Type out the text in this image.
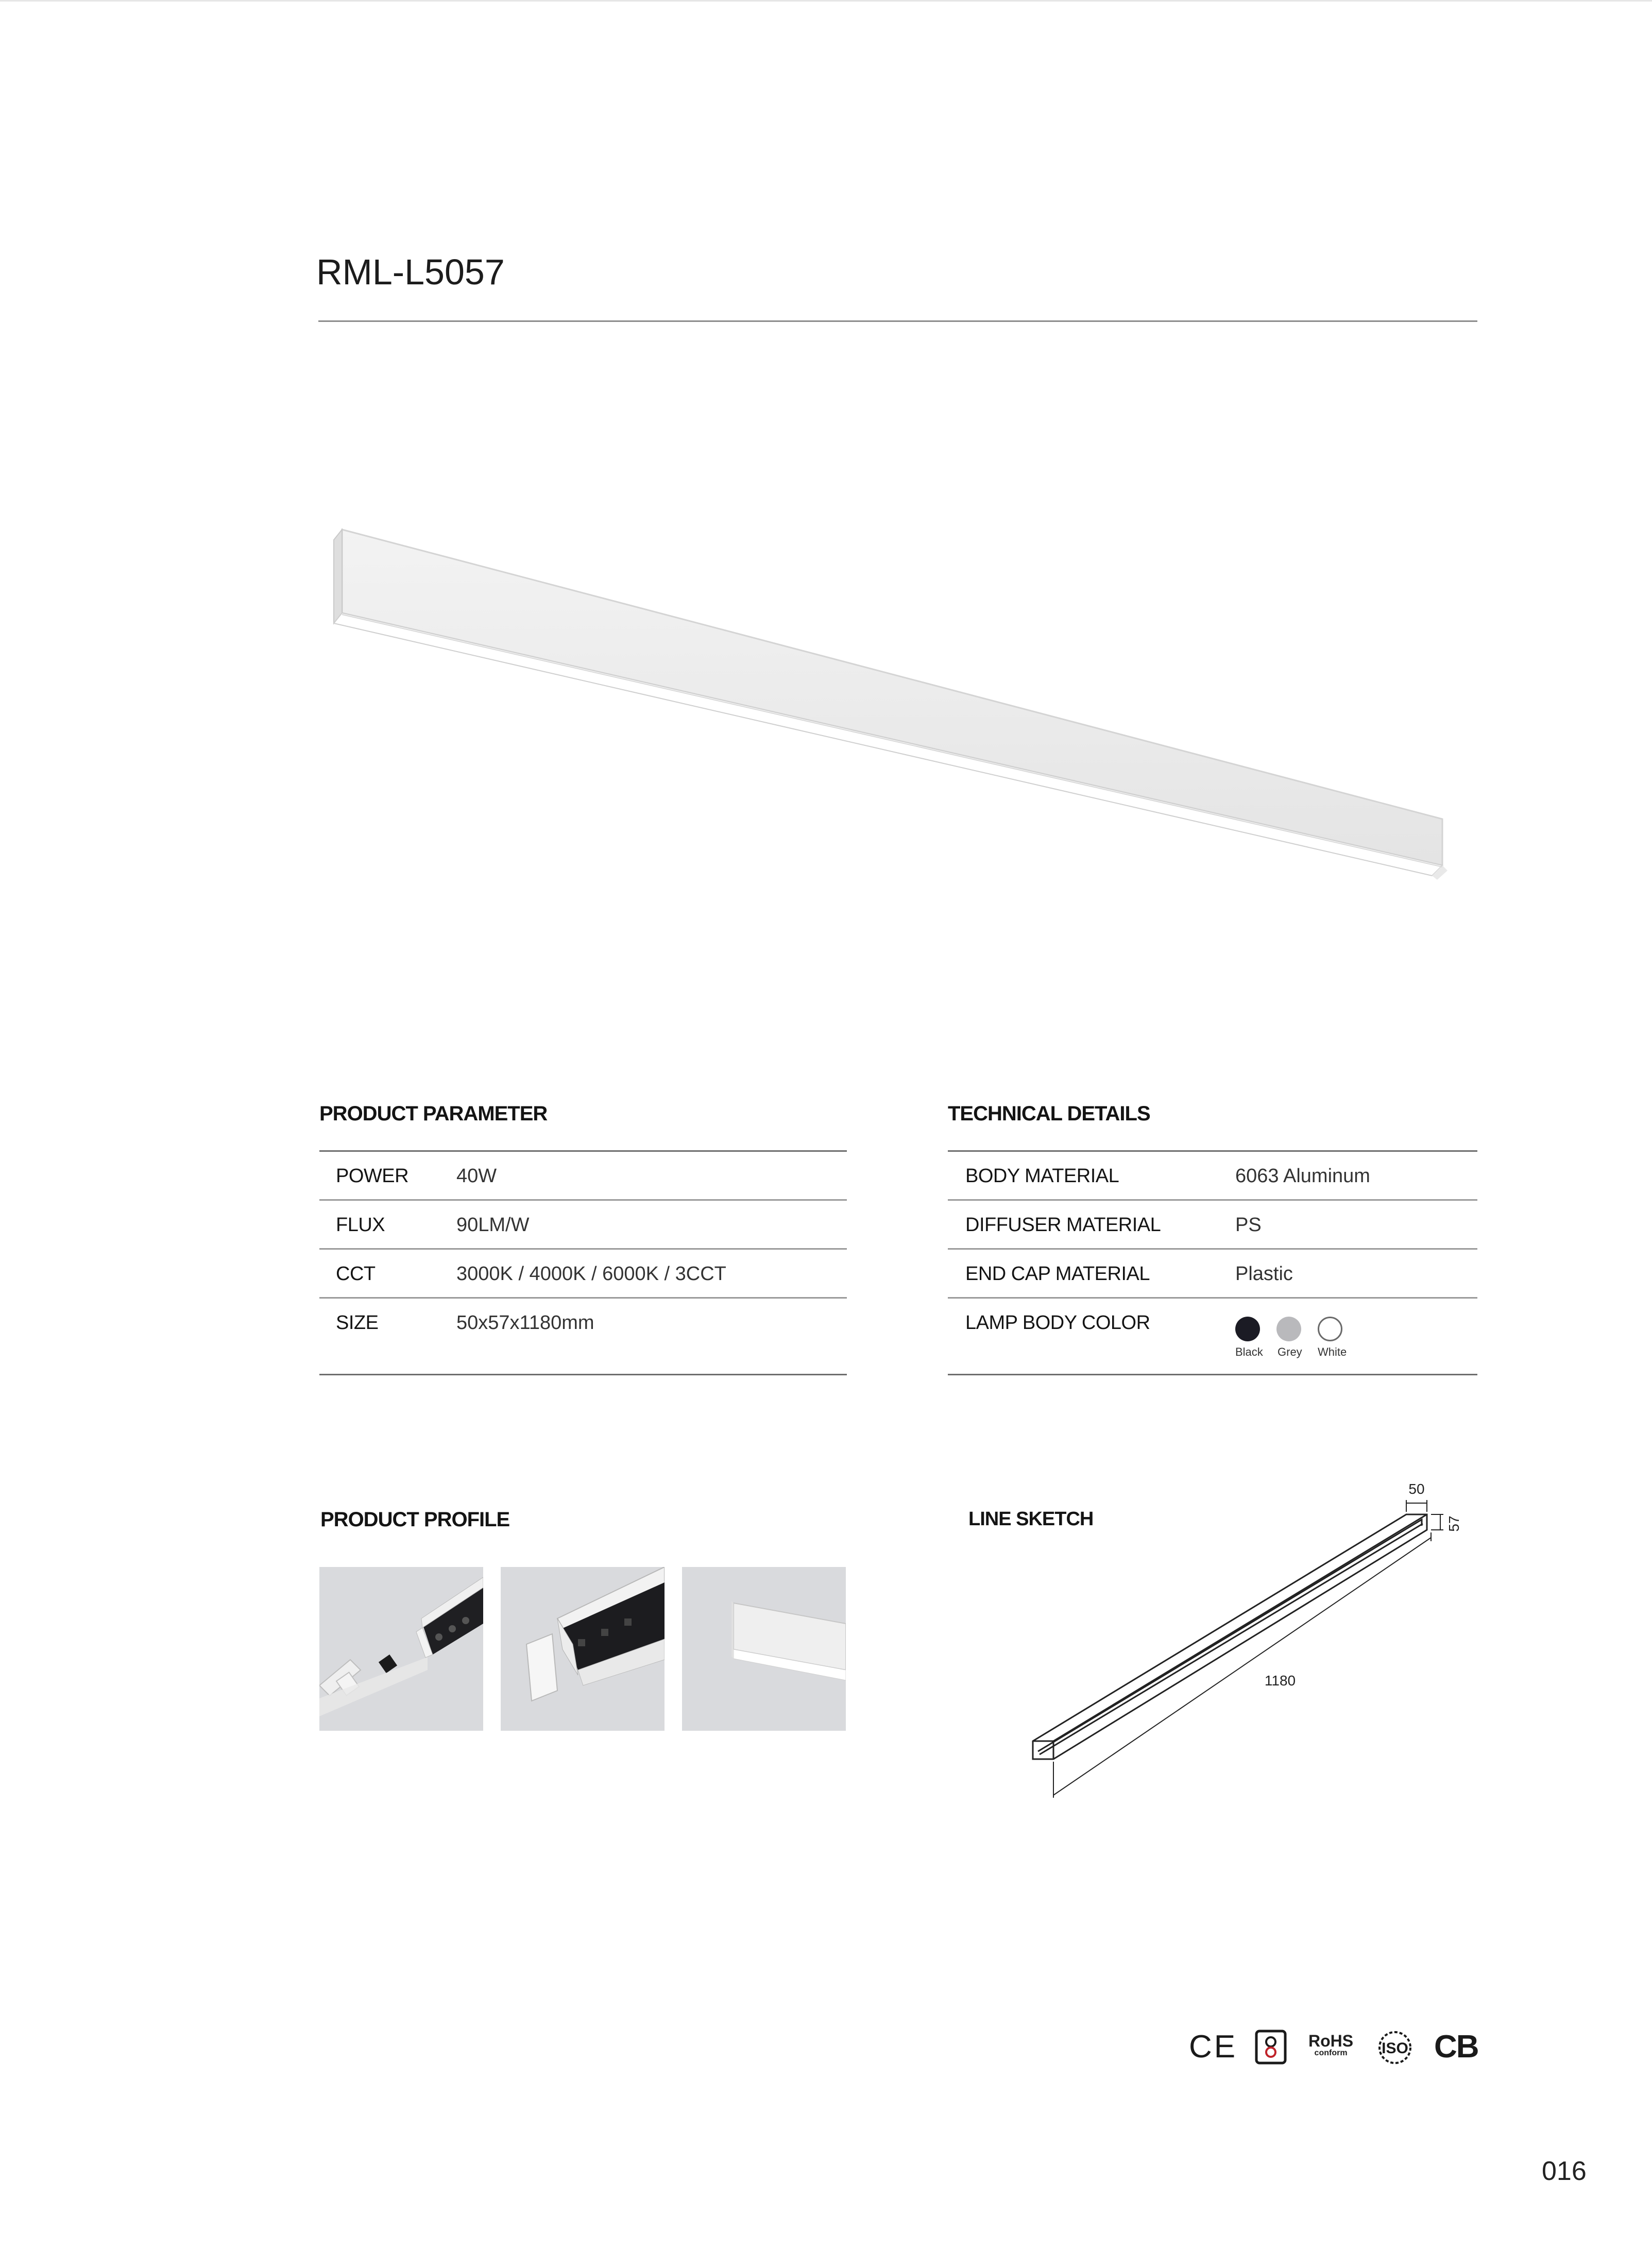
RML-L5057
PRODUCT PARAMETER
POWER 40W
FLUX	90LM/W
CCT	3000K / 4000K / 6000K / 3CCT
SIZE	50x57x1180mm
TECHNICAL DETAILS
BODY MATERIAL	6063 Aluminum
DIFFUSER MATERIAL	PS
END CAP MATERIAL	Plastic
LAMP BODY COLOR
Black Grey White
PRODUCT PROFILE	LINE SKETCH
50
57
1180
CE	RoHS
conform	ISO CB
016
